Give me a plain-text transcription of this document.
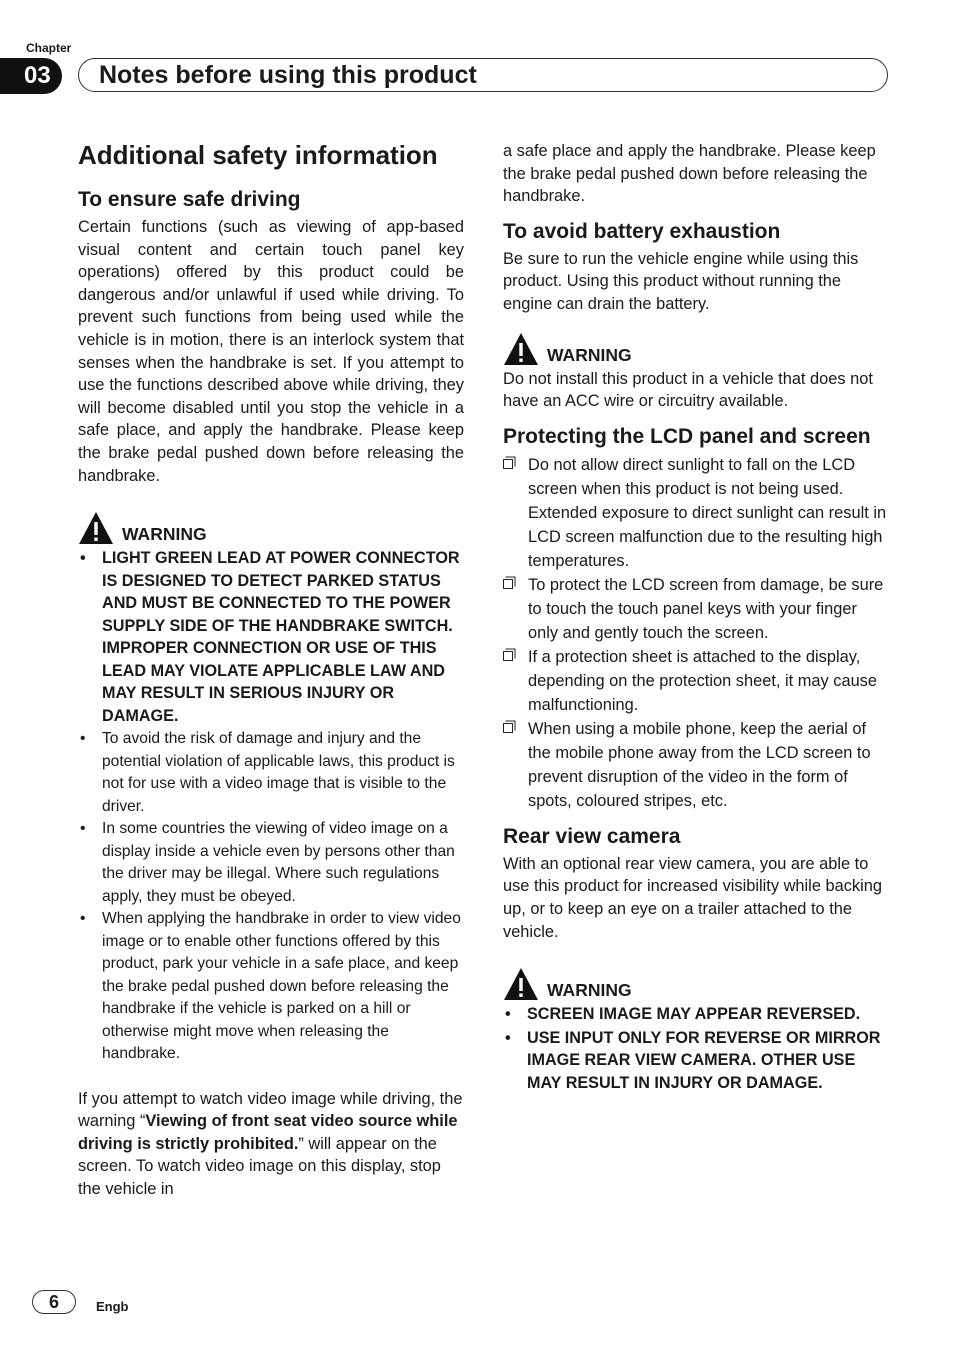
Chapter
03	Notes before using this product
Additional safety information
To ensure safe driving

Certain functions (such as viewing of app-based visual content and certain touch panel key operations) offered by this product could be dangerous and/or unlawful if used while driving. To prevent such functions from being used while the vehicle is in motion, there is an interlock system that senses when the handbrake is set. If you attempt to use the functions described above while driving, they will become disabled until you stop the vehicle in a safe place, and apply the handbrake. Please keep the brake pedal pushed down before releasing the handbrake.

WARNING
• LIGHT GREEN LEAD AT POWER CONNECTOR IS DESIGNED TO DETECT PARKED STATUS AND MUST BE CONNECTED TO THE POWER SUPPLY SIDE OF THE HANDBRAKE SWITCH. IMPROPER CONNECTION OR USE OF THIS LEAD MAY VIOLATE APPLICABLE LAW AND MAY RESULT IN SERIOUS INJURY OR DAMAGE.
• To avoid the risk of damage and injury and the potential violation of applicable laws, this product is not for use with a video image that is visible to the driver.
• In some countries the viewing of video image on a display inside a vehicle even by persons other than the driver may be illegal. Where such regulations apply, they must be obeyed.
• When applying the handbrake in order to view video image or to enable other functions offered by this product, park your vehicle in a safe place, and keep the brake pedal pushed down before releasing the handbrake if the vehicle is parked on a hill or otherwise might move when releasing the handbrake.

If you attempt to watch video image while driving, the warning “Viewing of front seat video source while driving is strictly prohibited.” will appear on the screen. To watch video image on this display, stop the vehicle in

a safe place and apply the handbrake. Please keep the brake pedal pushed down before releasing the handbrake.

To avoid battery exhaustion

Be sure to run the vehicle engine while using this product. Using this product without running the engine can drain the battery.

WARNING

Do not install this product in a vehicle that does not have an ACC wire or circuitry available.

Protecting the LCD panel and screen
Do not allow direct sunlight to fall on the LCD screen when this product is not being used. Extended exposure to direct sunlight can result in LCD screen malfunction due to the resulting high temperatures.
To protect the LCD screen from damage, be sure to touch the touch panel keys with your finger only and gently touch the screen.
If a protection sheet is attached to the display, depending on the protection sheet, it may cause malfunctioning.
When using a mobile phone, keep the aerial of the mobile phone away from the LCD screen to prevent disruption of the video in the form of spots, coloured stripes, etc.
Rear view camera

With an optional rear view camera, you are able to use this product for increased visibility while backing up, or to keep an eye on a trailer attached to the vehicle.

WARNING
• SCREEN IMAGE MAY APPEAR REVERSED.
• USE INPUT ONLY FOR REVERSE OR MIRROR IMAGE REAR VIEW CAMERA. OTHER USE MAY RESULT IN INJURY OR DAMAGE.
6	Engb
